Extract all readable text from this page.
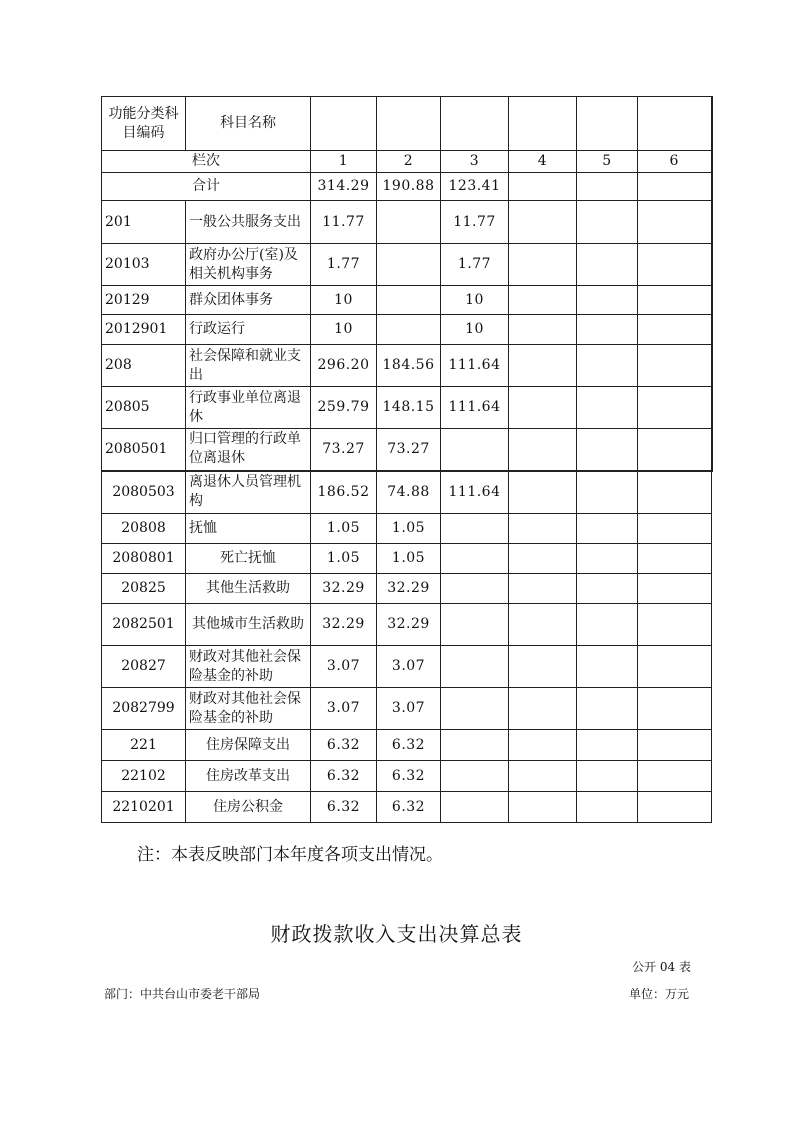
功能分类科目编码	科目名称						
栏次		1	2	3	4	5	6
合计		314.29	190.88	123.41			
201	一般公共服务支出	11.77		11.77			
20103	政府办公厅(室)及相关机构事务	1.77		1.77			
20129	群众团体事务	10		10			
2012901	行政运行	10		10			
208	社会保障和就业支出	296.20	184.56	111.64			
20805	行政事业单位离退休	259.79	148.15	111.64			
2080501	归口管理的行政单位离退休	73.27	73.27				
2080503	离退休人员管理机构	186.52	74.88	111.64			
20808	抚恤	1.05	1.05				
2080801	死亡抚恤	1.05	1.05				
20825	其他生活救助	32.29	32.29				
2082501	其他城市生活救助	32.29	32.29				
20827	财政对其他社会保险基金的补助	3.07	3.07				
2082799	财政对其他社会保险基金的补助	3.07	3.07				
221	住房保障支出	6.32	6.32				
22102	住房改革支出	6.32	6.32				
2210201	住房公积金	6.32	6.32				
注：本表反映部门本年度各项支出情况。
财政拨款收入支出决算总表
公开 04 表
部门：中共台山市委老干部局	单位：万元
